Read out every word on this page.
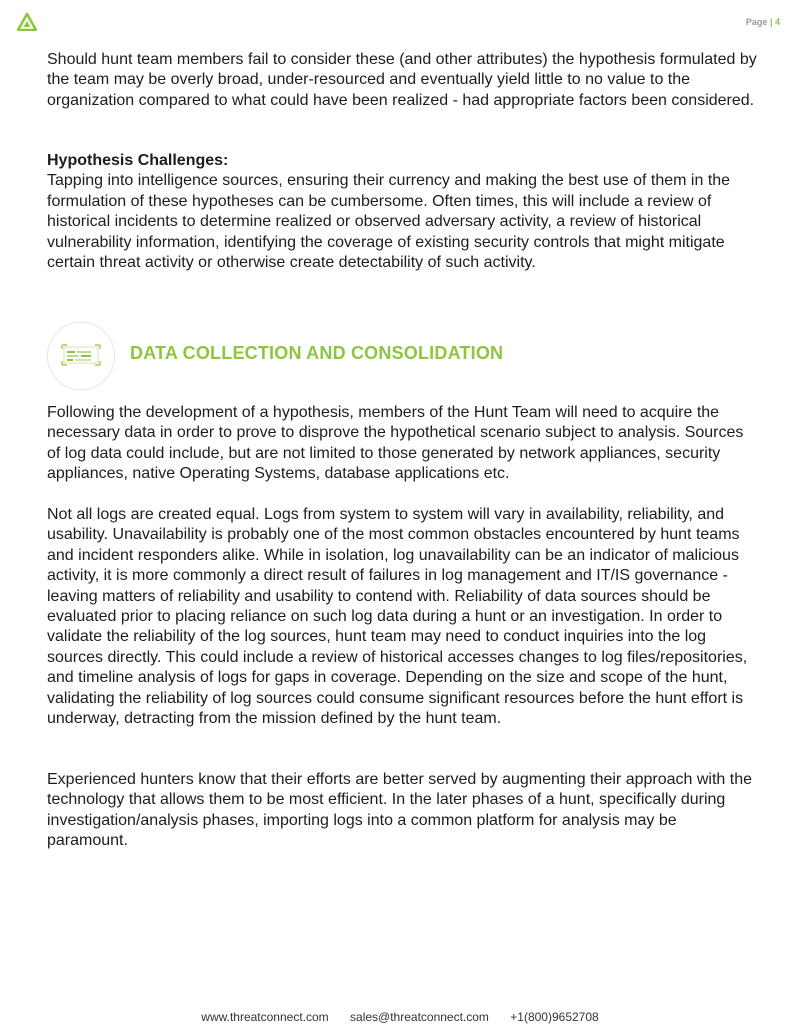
Page | 4

Should hunt team members fail to consider these (and other attributes) the hypothesis formulated by the team may be overly broad, under-resourced and eventually yield little to no value to the organization compared to what could have been realized - had appropriate factors been considered.

Hypothesis Challenges:
Tapping into intelligence sources, ensuring their currency and making the best use of them in the formulation of these hypotheses can be cumbersome. Often times, this will include a review of historical incidents to determine realized or observed adversary activity, a review of historical vulnerability information, identifying the coverage of existing security controls that might mitigate certain threat activity or otherwise create detectability of such activity.
DATA COLLECTION AND CONSOLIDATION

Following the development of a hypothesis, members of the Hunt Team will need to acquire the necessary data in order to prove to disprove the hypothetical scenario subject to analysis. Sources of log data could include, but are not limited to those generated by network appliances, security appliances, native Operating Systems, database applications etc.

Not all logs are created equal. Logs from system to system will vary in availability, reliability, and usability. Unavailability is probably one of the most common obstacles encountered by hunt teams and incident responders alike. While in isolation, log unavailability can be an indicator of malicious activity, it is more commonly a direct result of failures in log management and IT/IS governance - leaving matters of reliability and usability to contend with. Reliability of data sources should be evaluated prior to placing reliance on such log data during a hunt or an investigation. In order to validate the reliability of the log sources, hunt team may need to conduct inquiries into the log sources directly. This could include a review of historical accesses changes to log files/repositories, and timeline analysis of logs for gaps in coverage. Depending on the size and scope of the hunt, validating the reliability of log sources could consume significant resources before the hunt effort is underway, detracting from the mission defined by the hunt team.

Experienced hunters know that their efforts are better served by augmenting their approach with the technology that allows them to be most efficient. In the later phases of a hunt, specifically during investigation/analysis phases, importing logs into a common platform for analysis may be paramount.

www.threatconnect.com sales@threatconnect.com +1(800)9652708
